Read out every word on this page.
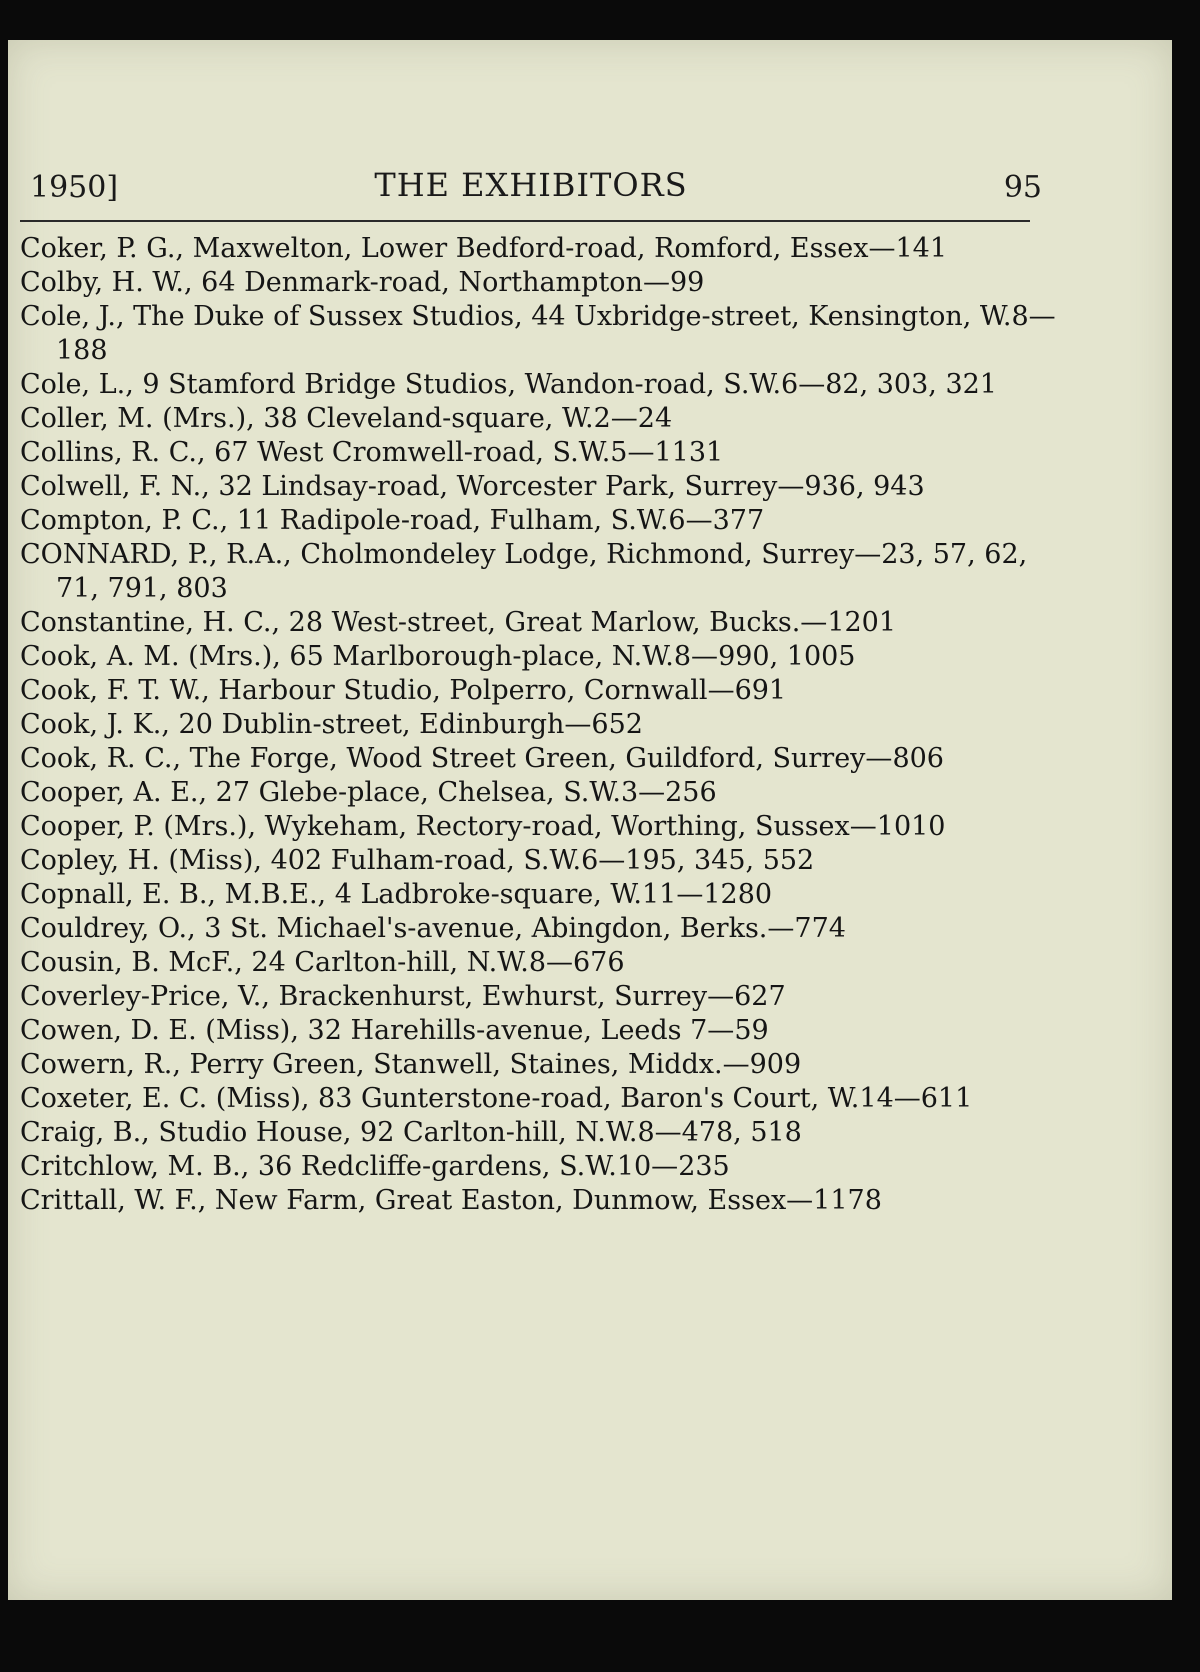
1950]	THE EXHIBITORS	95

Coker, P. G., Maxwelton, Lower Bedford-road, Romford, Essex—141

Colby, H. W., 64 Denmark-road, Northampton—99

Cole, J., The Duke of Sussex Studios, 44 Uxbridge-street, Kensington, W.8—188

Cole, L., 9 Stamford Bridge Studios, Wandon-road, S.W.6—82, 303, 321

Coller, M. (Mrs.), 38 Cleveland-square, W.2—24

Collins, R. C., 67 West Cromwell-road, S.W.5—1131

Colwell, F. N., 32 Lindsay-road, Worcester Park, Surrey—936, 943

Compton, P. C., 11 Radipole-road, Fulham, S.W.6—377

CONNARD, P., R.A., Cholmondeley Lodge, Richmond, Surrey—23, 57, 62, 71, 791, 803

Constantine, H. C., 28 West-street, Great Marlow, Bucks.—1201

Cook, A. M. (Mrs.), 65 Marlborough-place, N.W.8—990, 1005

Cook, F. T. W., Harbour Studio, Polperro, Cornwall—691

Cook, J. K., 20 Dublin-street, Edinburgh—652

Cook, R. C., The Forge, Wood Street Green, Guildford, Surrey—806

Cooper, A. E., 27 Glebe-place, Chelsea, S.W.3—256

Cooper, P. (Mrs.), Wykeham, Rectory-road, Worthing, Sussex—1010

Copley, H. (Miss), 402 Fulham-road, S.W.6—195, 345, 552

Copnall, E. B., M.B.E., 4 Ladbroke-square, W.11—1280

Couldrey, O., 3 St. Michael's-avenue, Abingdon, Berks.—774

Cousin, B. McF., 24 Carlton-hill, N.W.8—676

Coverley-Price, V., Brackenhurst, Ewhurst, Surrey—627

Cowen, D. E. (Miss), 32 Harehills-avenue, Leeds 7—59

Cowern, R., Perry Green, Stanwell, Staines, Middx.—909

Coxeter, E. C. (Miss), 83 Gunterstone-road, Baron's Court, W.14—611

Craig, B., Studio House, 92 Carlton-hill, N.W.8—478, 518

Critchlow, M. B., 36 Redcliffe-gardens, S.W.10—235

Crittall, W. F., New Farm, Great Easton, Dunmow, Essex—1178
